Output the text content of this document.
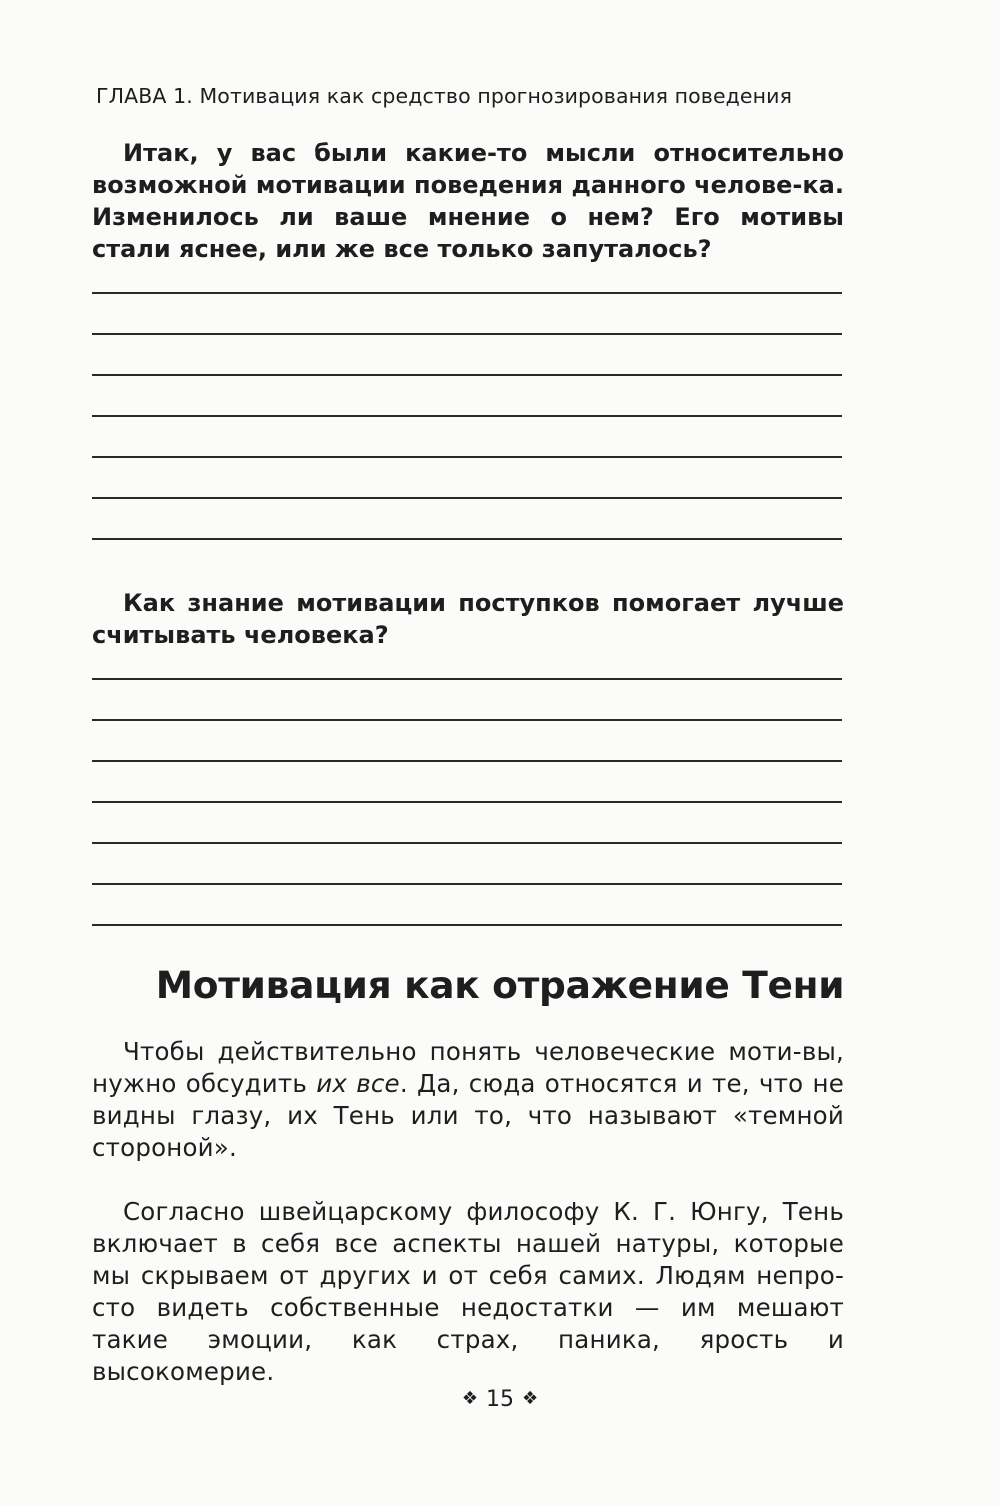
ГЛАВА 1. Мотивация как средство прогнозирования поведения

Итак, у вас были какие-то мысли относительно возможной мотивации поведения данного челове-ка. Изменилось ли ваше мнение о нем? Его мотивы стали яснее, или же все только запуталось?

Как знание мотивации поступков помогает лучше считывать человека?

Мотивация как отражение Тени

Чтобы действительно понять человеческие моти-вы, нужно обсудить их все. Да, сюда относятся и те, что не видны глазу, их Тень или то, что называют «темной стороной».

Согласно швейцарскому философу К. Г. Юнгу, Тень включает в себя все аспекты нашей натуры, которые мы скрываем от других и от себя самих. Людям непро-сто видеть собственные недостатки — им мешают такие эмоции, как страх, паника, ярость и высокомерие.

❖ 15 ❖
